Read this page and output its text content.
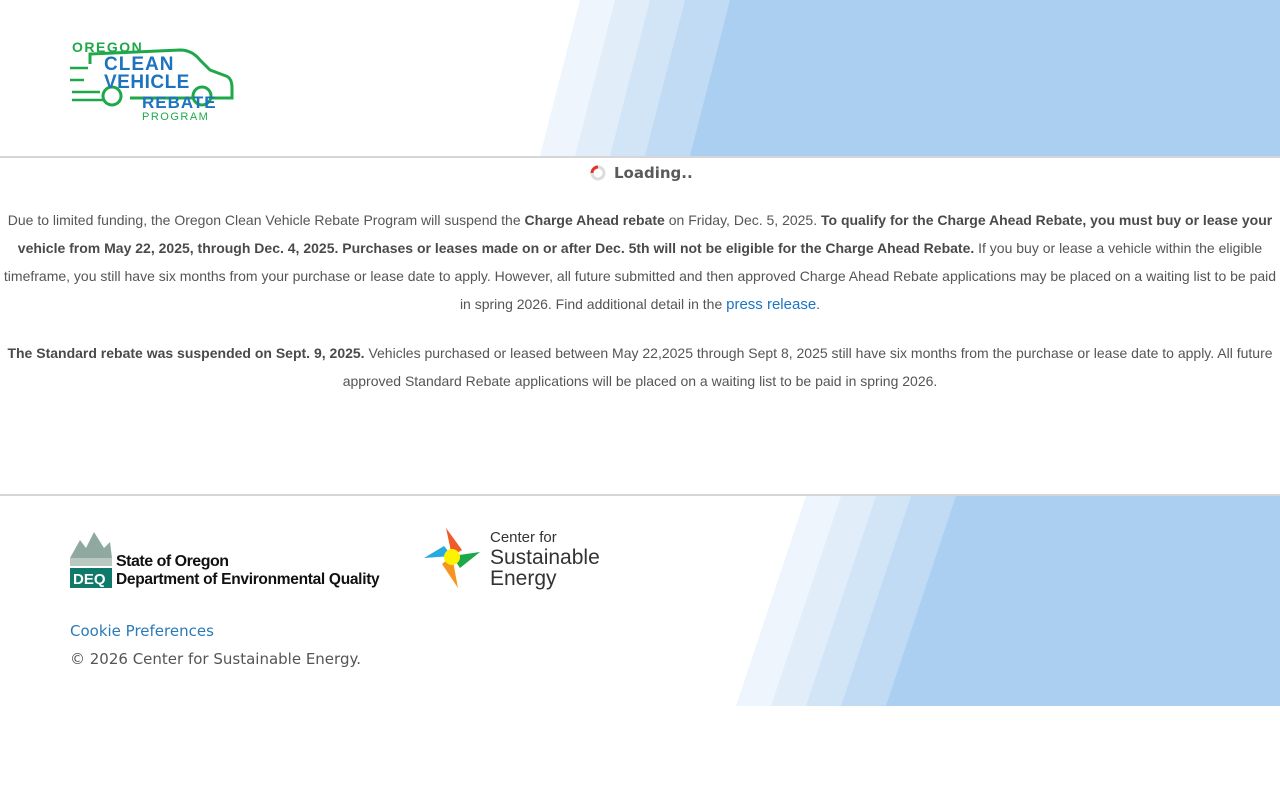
OREGON
CLEAN
VEHICLE
REBATE
PROGRAM
Loading..

Due to limited funding, the Oregon Clean Vehicle Rebate Program will suspend the Charge Ahead rebate on Friday, Dec. 5, 2025. To qualify for the Charge Ahead Rebate, you must buy or lease your vehicle from May 22, 2025, through Dec. 4, 2025. Purchases or leases made on or after Dec. 5th will not be eligible for the Charge Ahead Rebate. If you buy or lease a vehicle within the eligible timeframe, you still have six months from your purchase or lease date to apply. However, all future submitted and then approved Charge Ahead Rebate applications may be placed on a waiting list to be paid in spring 2026. Find additional detail in the press release.

The Standard rebate was suspended on Sept. 9, 2025. Vehicles purchased or leased between May 22,2025 through Sept 8, 2025 still have six months from the purchase or lease date to apply. All future approved Standard Rebate applications will be placed on a waiting list to be paid in spring 2026.

DEQ
State of Oregon
Department of Environmental Quality
Center for
Sustainable
Energy
Cookie Preferences
© 2026 Center for Sustainable Energy.
